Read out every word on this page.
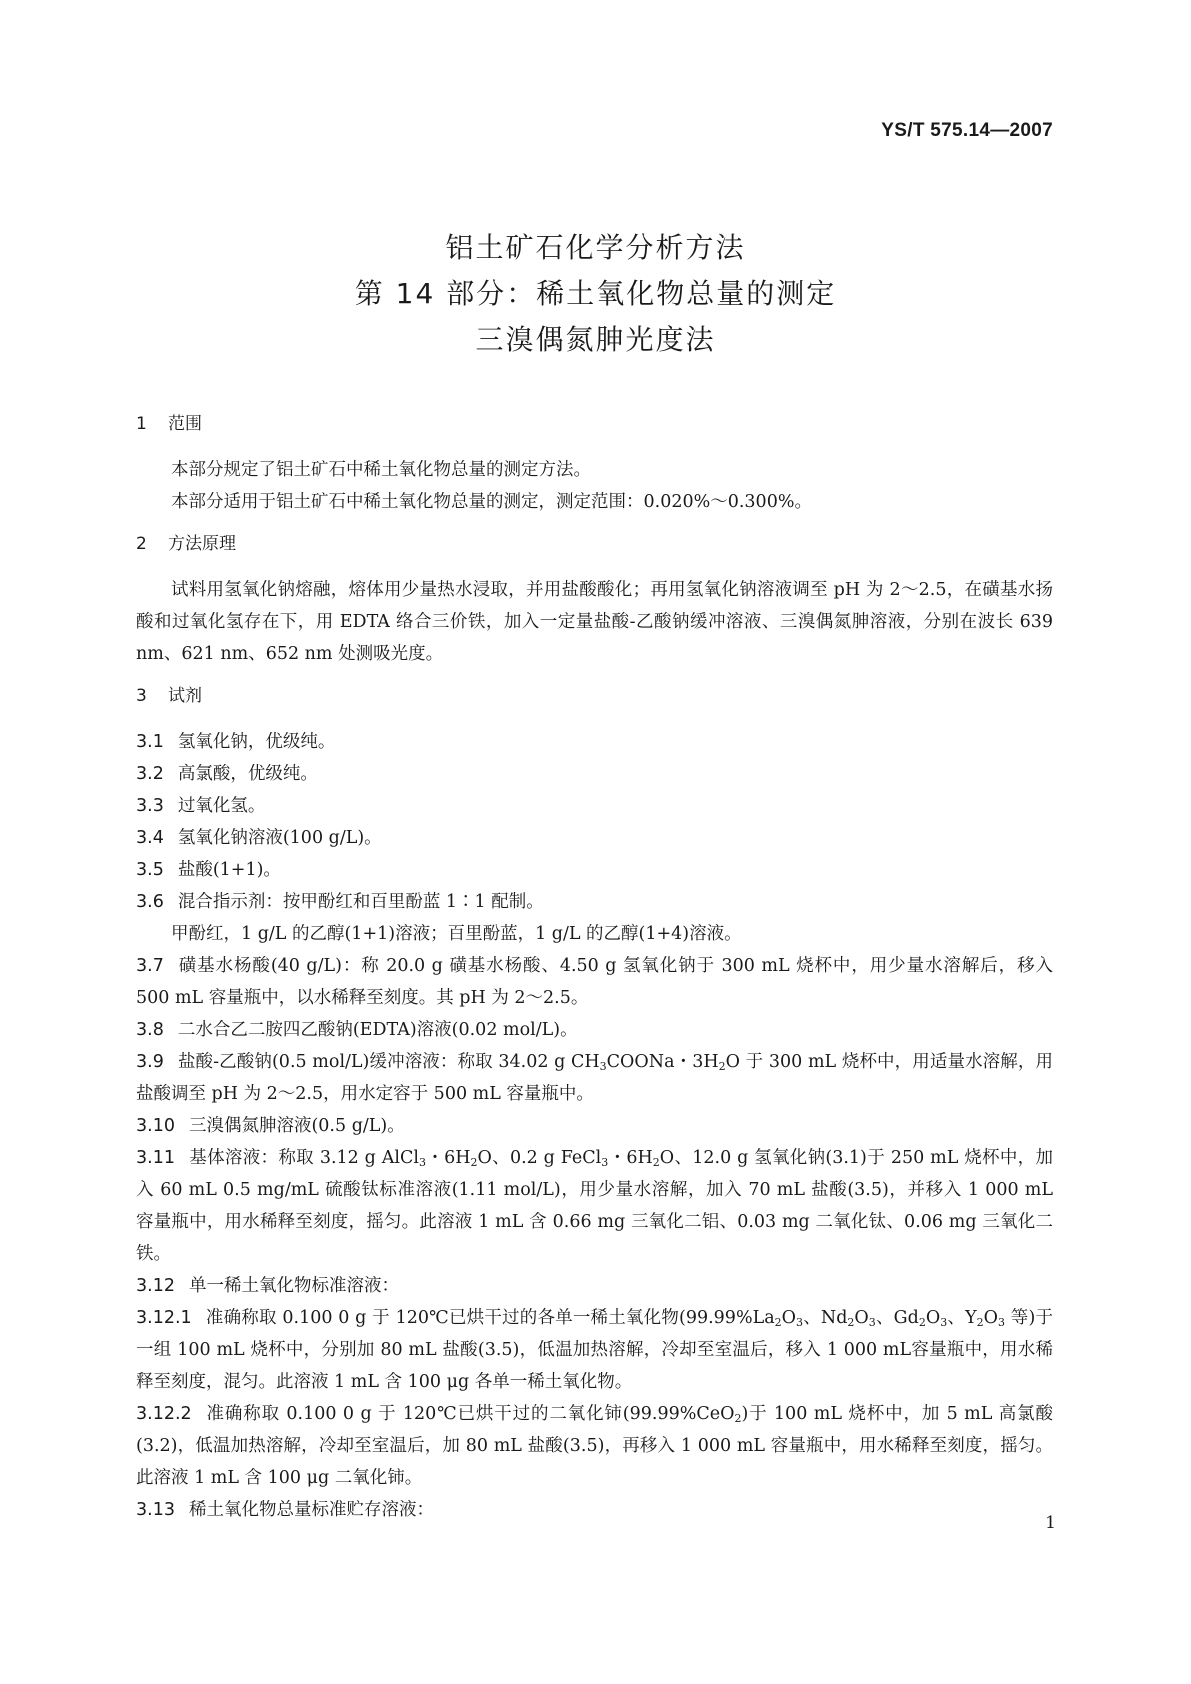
YS/T 575.14—2007
铝土矿石化学分析方法
第 14 部分：稀土氧化物总量的测定
三溴偶氮胂光度法

1 范围

本部分规定了铝土矿石中稀土氧化物总量的测定方法。

本部分适用于铝土矿石中稀土氧化物总量的测定，测定范围：0.020%～0.300%。

2 方法原理

试料用氢氧化钠熔融，熔体用少量热水浸取，并用盐酸酸化；再用氢氧化钠溶液调至 pH 为 2～2.5，在磺基水扬酸和过氧化氢存在下，用 EDTA 络合三价铁，加入一定量盐酸-乙酸钠缓冲溶液、三溴偶氮胂溶液，分别在波长 639 nm、621 nm、652 nm 处测吸光度。

3 试剂

3.1 氢氧化钠，优级纯。

3.2 高氯酸，优级纯。

3.3 过氧化氢。

3.4 氢氧化钠溶液(100 g/L)。

3.5 盐酸(1+1)。

3.6 混合指示剂：按甲酚红和百里酚蓝 1∶1 配制。

甲酚红，1 g/L 的乙醇(1+1)溶液；百里酚蓝，1 g/L 的乙醇(1+4)溶液。

3.7 磺基水杨酸(40 g/L)：称 20.0 g 磺基水杨酸、4.50 g 氢氧化钠于 300 mL 烧杯中，用少量水溶解后，移入 500 mL 容量瓶中，以水稀释至刻度。其 pH 为 2～2.5。

3.8 二水合乙二胺四乙酸钠(EDTA)溶液(0.02 mol/L)。

3.9 盐酸-乙酸钠(0.5 mol/L)缓冲溶液：称取 34.02 g $CH_3COONa$・$3H_2O$ 于 300 mL 烧杯中，用适量水溶解，用盐酸调至 pH 为 2～2.5，用水定容于 500 mL 容量瓶中。

3.10 三溴偶氮胂溶液(0.5 g/L)。

3.11 基体溶液：称取 3.12 g AlCl$_3$・$6H_2O$、0.2 g FeCl$_3$・$6H_2O$、12.0 g 氢氧化钠(3.1)于 250 mL 烧杯中，加入 60 mL 0.5 mg/mL 硫酸钛标准溶液(1.11 mol/L)，用少量水溶解，加入 70 mL 盐酸(3.5)，并移入 1 000 mL 容量瓶中，用水稀释至刻度，摇匀。此溶液 1 mL 含 0.66 mg 三氧化二铝、0.03 mg 二氧化钛、0.06 mg 三氧化二铁。

3.12 单一稀土氧化物标准溶液：

3.12.1 准确称取 0.100 0 g 于 120℃已烘干过的各单一稀土氧化物($99.99\%La_2O_3$、$Nd_2O_3$、$Gd_2O_3$、$Y_2O_3$ 等)于一组 100 mL 烧杯中，分别加 80 mL 盐酸(3.5)，低温加热溶解，冷却至室温后，移入 1 000 mL容量瓶中，用水稀释至刻度，混匀。此溶液 1 mL 含 100 μg 各单一稀土氧化物。

3.12.2 准确称取 0.100 0 g 于 120℃已烘干过的二氧化铈(99.99%CeO$_2$)于 100 mL 烧杯中，加 5 mL 高氯酸(3.2)，低温加热溶解，冷却至室温后，加 80 mL 盐酸(3.5)，再移入 1 000 mL 容量瓶中，用水稀释至刻度，摇匀。此溶液 1 mL 含 100 μg 二氧化铈。

3.13 稀土氧化物总量标准贮存溶液：

1
